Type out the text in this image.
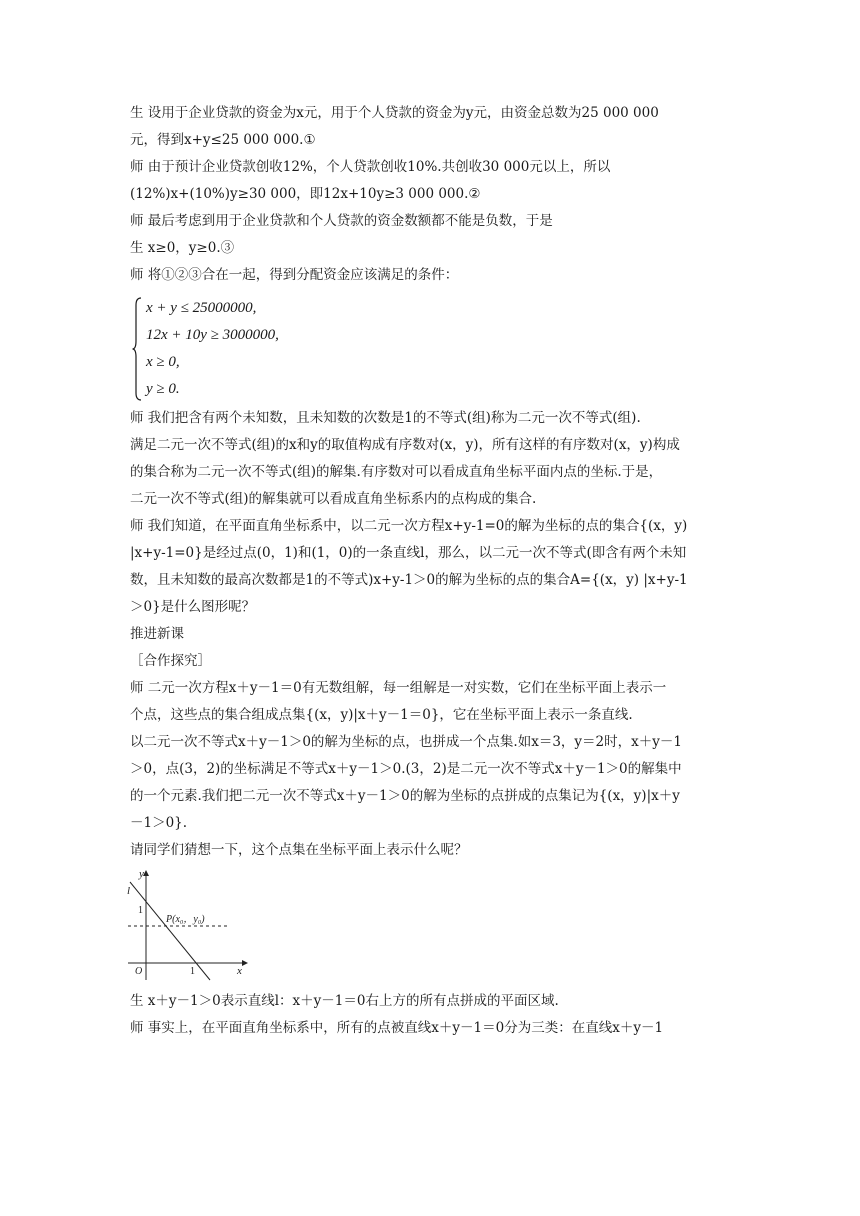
生 设用于企业贷款的资金为x元，用于个人贷款的资金为y元，由资金总数为25 000 000
元，得到x+y≤25 000 000.①
师 由于预计企业贷款创收12%，个人贷款创收10%.共创收30 000元以上，所以
(12%)x+(10%)y≥30 000，即12x+10y≥3 000 000.②
师 最后考虑到用于企业贷款和个人贷款的资金数额都不能是负数，于是
生 x≥0，y≥0.③
师 将①②③合在一起，得到分配资金应该满足的条件：
x + y ≤ 25000000,
12x + 10y ≥ 3000000,
x ≥ 0,
y ≥ 0.
师 我们把含有两个未知数，且未知数的次数是1的不等式(组)称为二元一次不等式(组).
满足二元一次不等式(组)的x和y的取值构成有序数对(x，y)，所有这样的有序数对(x，y)构成
的集合称为二元一次不等式(组)的解集.有序数对可以看成直角坐标平面内点的坐标.于是，
二元一次不等式(组)的解集就可以看成直角坐标系内的点构成的集合.
师 我们知道，在平面直角坐标系中，以二元一次方程x+y-1=0的解为坐标的点的集合{(x，y)
|x+y-1=0}是经过点(0，1)和(1，0)的一条直线l，那么，以二元一次不等式(即含有两个未知
数，且未知数的最高次数都是1的不等式)x+y-1＞0的解为坐标的点的集合A={(x，y) |x+y-1
＞0}是什么图形呢？
推进新课
［合作探究］
师 二元一次方程x＋y－1＝0有无数组解，每一组解是一对实数，它们在坐标平面上表示一
个点，这些点的集合组成点集{(x，y)|x＋y－1＝0}，它在坐标平面上表示一条直线.
以二元一次不等式x＋y－1＞0的解为坐标的点，也拼成一个点集.如x＝3，y＝2时，x＋y－1
＞0，点(3，2)的坐标满足不等式x＋y－1＞0.(3，2)是二元一次不等式x＋y－1＞0的解集中
的一个元素.我们把二元一次不等式x＋y－1＞0的解为坐标的点拼成的点集记为{(x，y)|x＋y
－1＞0}.
请同学们猜想一下，这个点集在坐标平面上表示什么呢？
y
x
O
l
1
1
P(x₀，y₀)
生 x＋y－1＞0表示直线l：x＋y－1＝0右上方的所有点拼成的平面区域.
师 事实上，在平面直角坐标系中，所有的点被直线x＋y－1＝0分为三类：在直线x＋y－1
